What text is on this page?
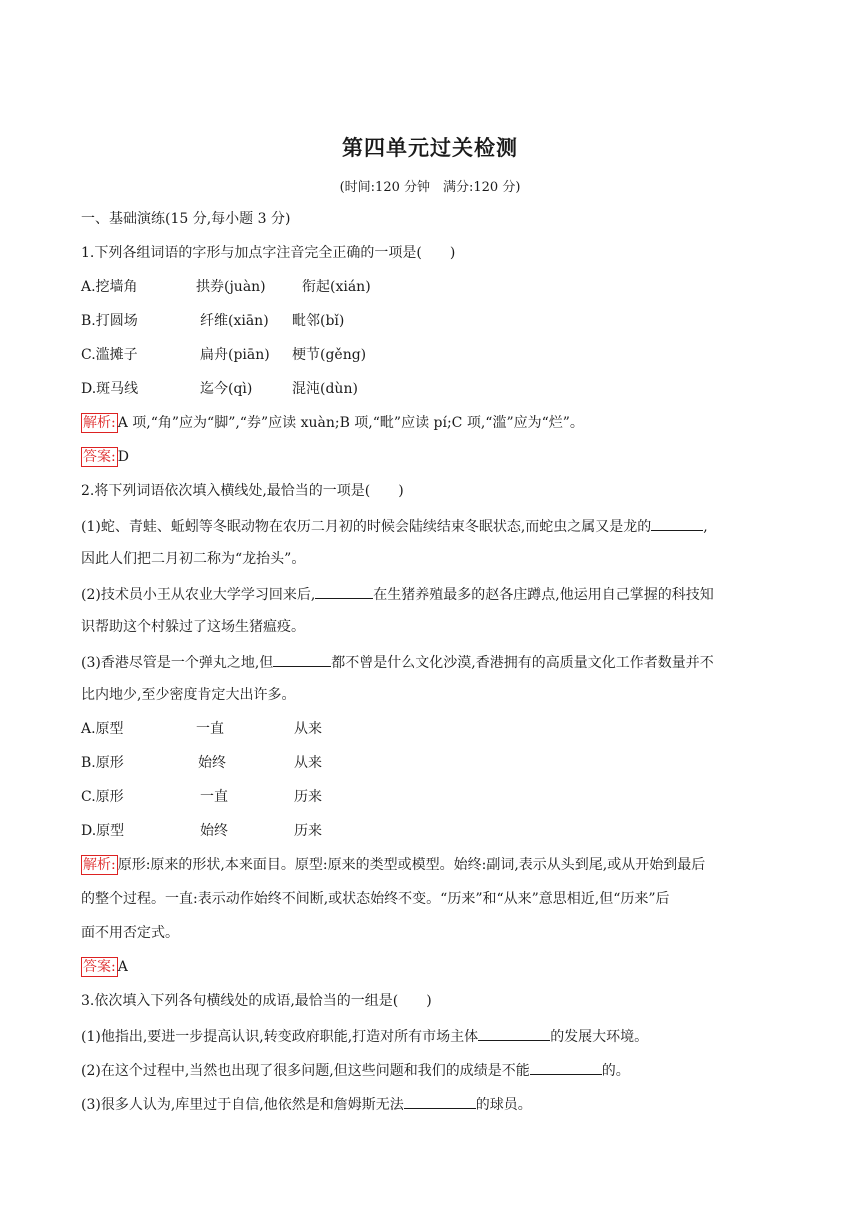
第四单元过关检测
(时间:120 分钟　满分:120 分)
一、基础演练(15 分,每小题 3 分)
1.下列各组词语的字形与加点字注音完全正确的一项是(　　)
A.挖墙角	拱券(juàn)	衔起(xián)
B.打圆场	纤维(xiān) 毗邻(bǐ)
C.滥摊子	扁舟(piān) 梗节(gěng)
D.斑马线	迄今(qì)	混沌(dùn)
解析: A 项,“角”应为“脚”,“券”应读 xuàn;B 项,“毗”应读 pí;C 项,“滥”应为“烂”。
答案: D
2.将下列词语依次填入横线处,最恰当的一项是(　　)
(1)蛇、青蛙、蚯蚓等冬眠动物在农历二月初的时候会陆续结束冬眠状态,而蛇虫之属又是龙的	,
因此人们把二月初二称为“龙抬头”。
(2)技术员小王从农业大学学习回来后,	在生猪养殖最多的赵各庄蹲点,他运用自己掌握的科技知
识帮助这个村躲过了这场生猪瘟疫。
(3)香港尽管是一个弹丸之地,但	都不曾是什么文化沙漠,香港拥有的高质量文化工作者数量并不
比内地少,至少密度肯定大出许多。
A.原型	一直	从来
B.原形	始终	从来
C.原形	一直	历来
D.原型	始终	历来
解析: 原形:原来的形状,本来面目。原型:原来的类型或模型。始终:副词,表示从头到尾,或从开始到最后
的整个过程。一直:表示动作始终不间断,或状态始终不变。“历来”和“从来”意思相近,但“历来”后
面不用否定式。
答案: A
3.依次填入下列各句横线处的成语,最恰当的一组是(　　)
(1)他指出,要进一步提高认识,转变政府职能,打造对所有市场主体	的发展大环境。
(2)在这个过程中,当然也出现了很多问题,但这些问题和我们的成绩是不能	的。
(3)很多人认为,库里过于自信,他依然是和詹姆斯无法	的球员。
